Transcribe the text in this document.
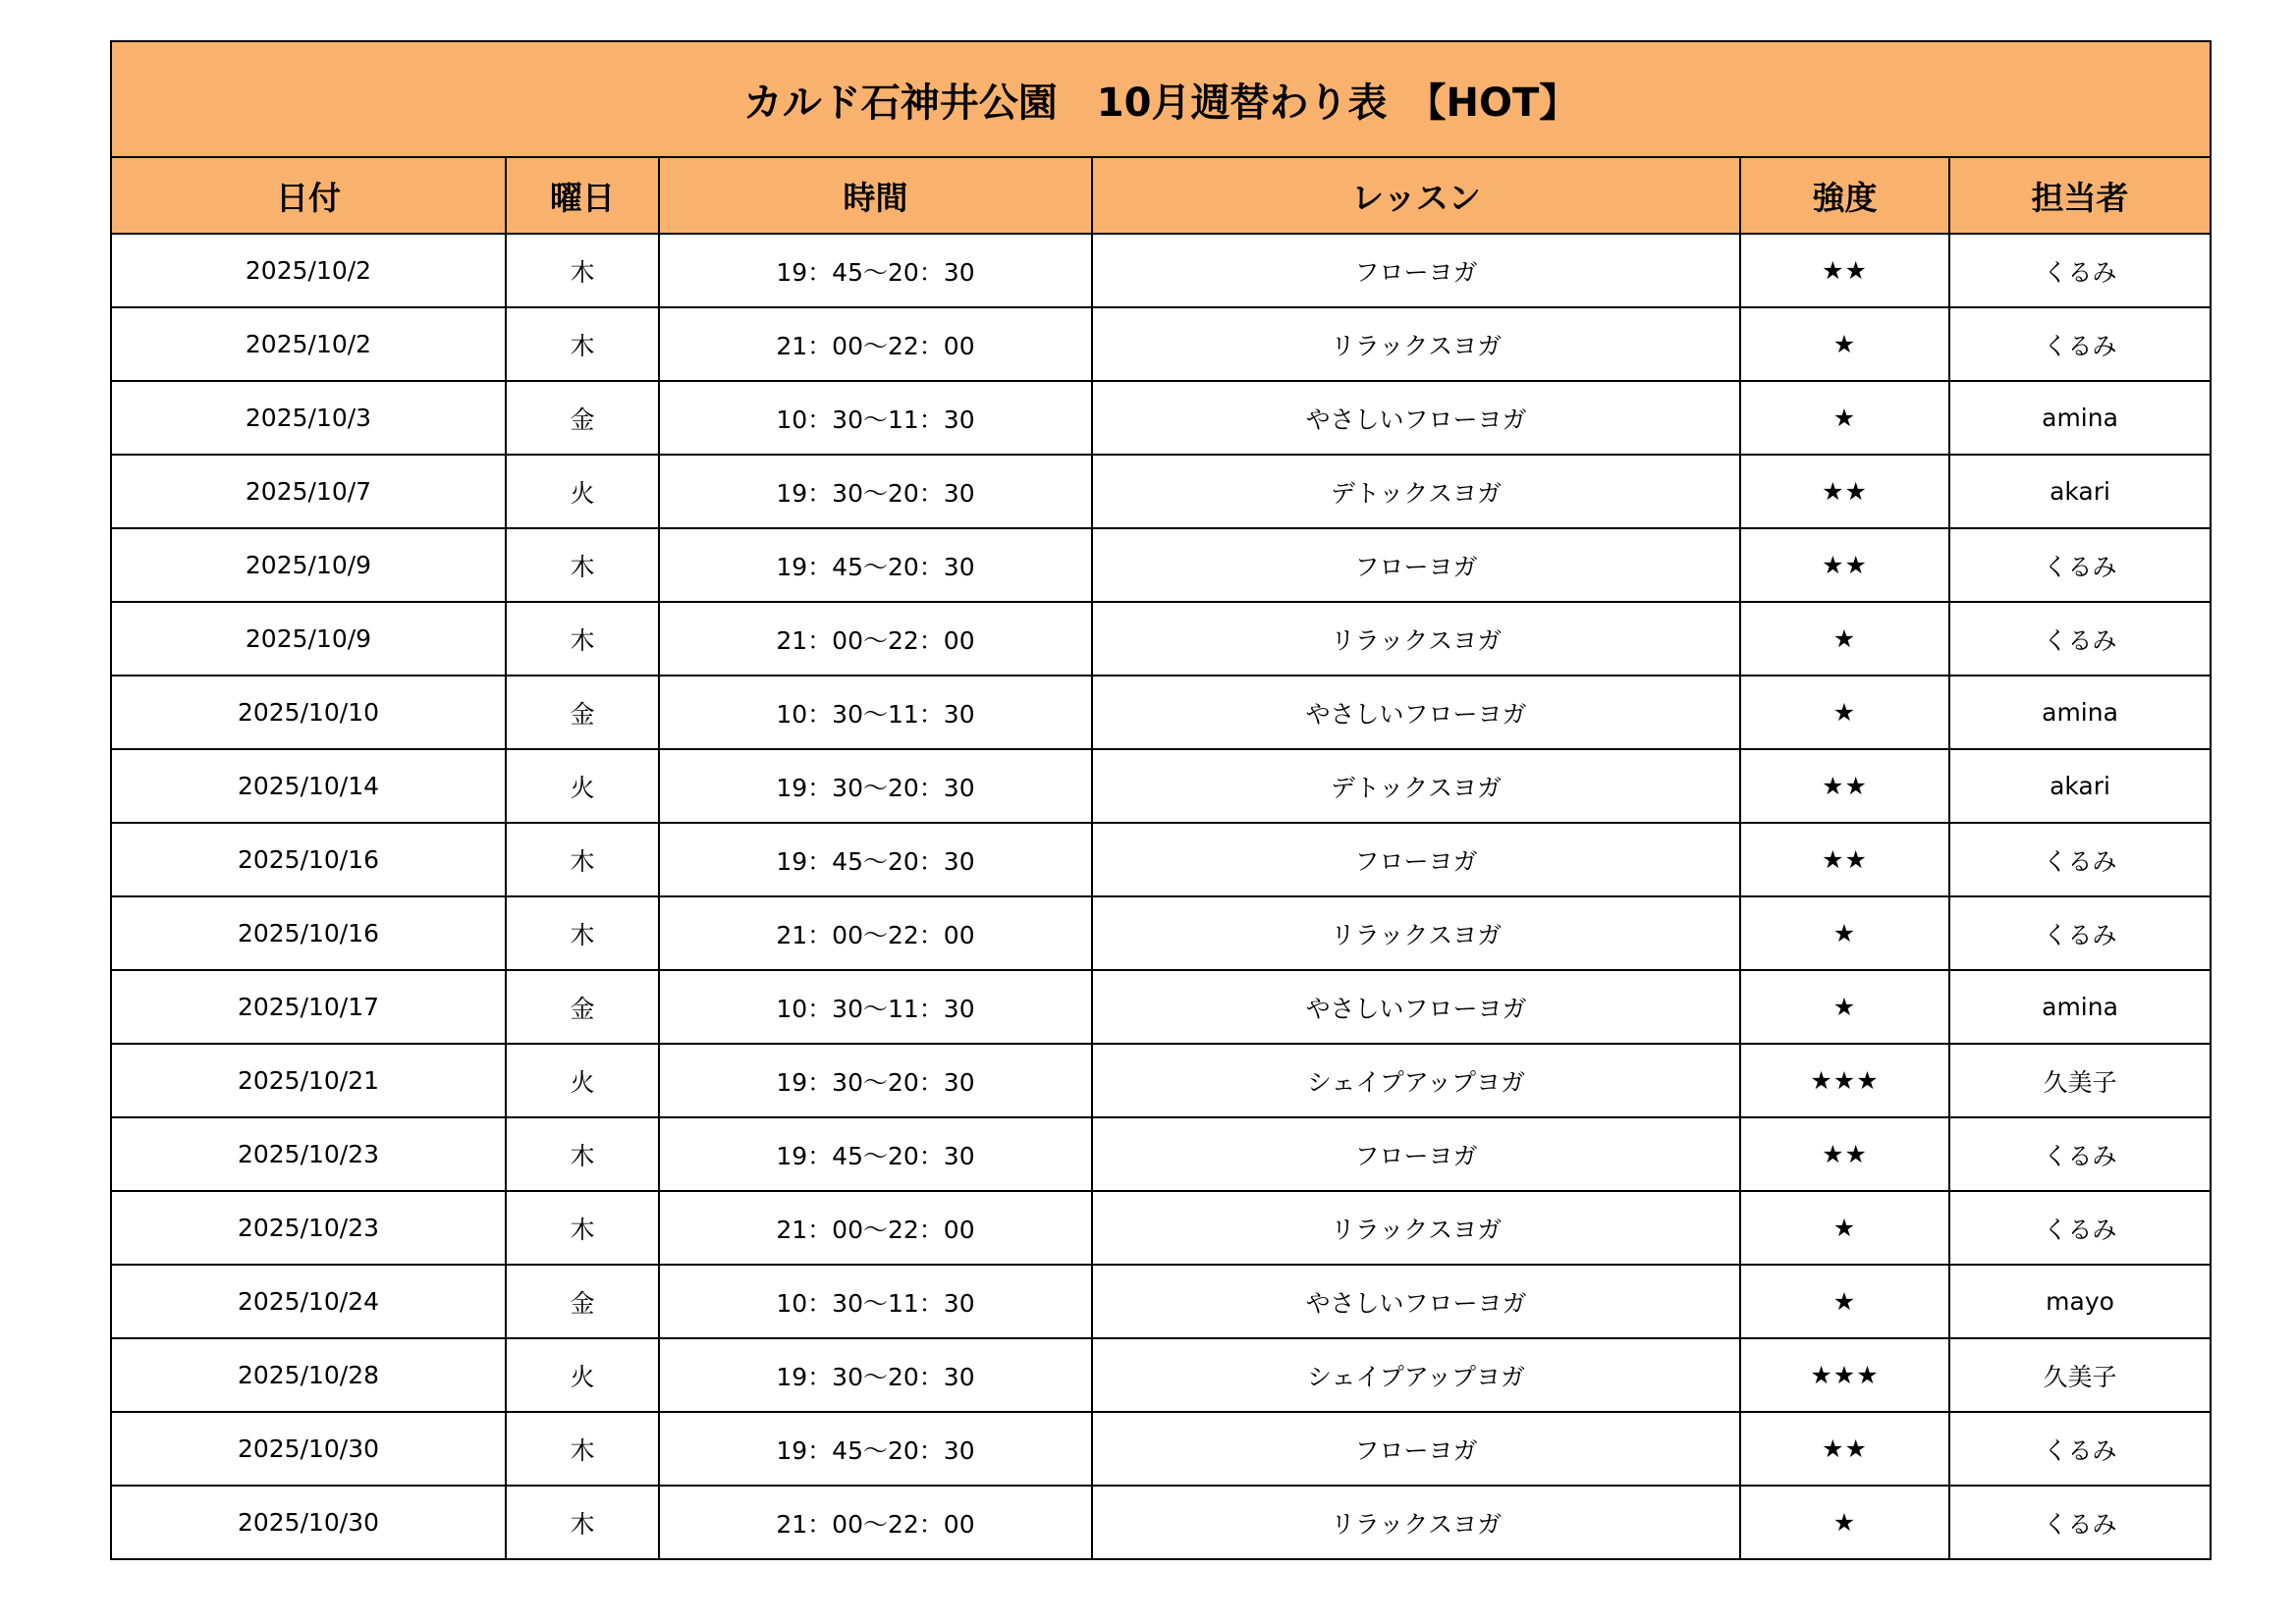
カルド石神井公園　10月週替わり表　【HOT】					
日付	曜日	時間	レッスン	強度	担当者
2025/10/2	木	19：45～20：30	フローヨガ	★★	くるみ
2025/10/2	木	21：00～22：00	リラックスヨガ	★	くるみ
2025/10/3	金	10：30～11：30	やさしいフローヨガ	★	amina
2025/10/7	火	19：30～20：30	デトックスヨガ	★★	akari
2025/10/9	木	19：45～20：30	フローヨガ	★★	くるみ
2025/10/9	木	21：00～22：00	リラックスヨガ	★	くるみ
2025/10/10	金	10：30～11：30	やさしいフローヨガ	★	amina
2025/10/14	火	19：30～20：30	デトックスヨガ	★★	akari
2025/10/16	木	19：45～20：30	フローヨガ	★★	くるみ
2025/10/16	木	21：00～22：00	リラックスヨガ	★	くるみ
2025/10/17	金	10：30～11：30	やさしいフローヨガ	★	amina
2025/10/21	火	19：30～20：30	シェイプアップヨガ	★★★	久美子
2025/10/23	木	19：45～20：30	フローヨガ	★★	くるみ
2025/10/23	木	21：00～22：00	リラックスヨガ	★	くるみ
2025/10/24	金	10：30～11：30	やさしいフローヨガ	★	mayo
2025/10/28	火	19：30～20：30	シェイプアップヨガ	★★★	久美子
2025/10/30	木	19：45～20：30	フローヨガ	★★	くるみ
2025/10/30	木	21：00～22：00	リラックスヨガ	★	くるみ
